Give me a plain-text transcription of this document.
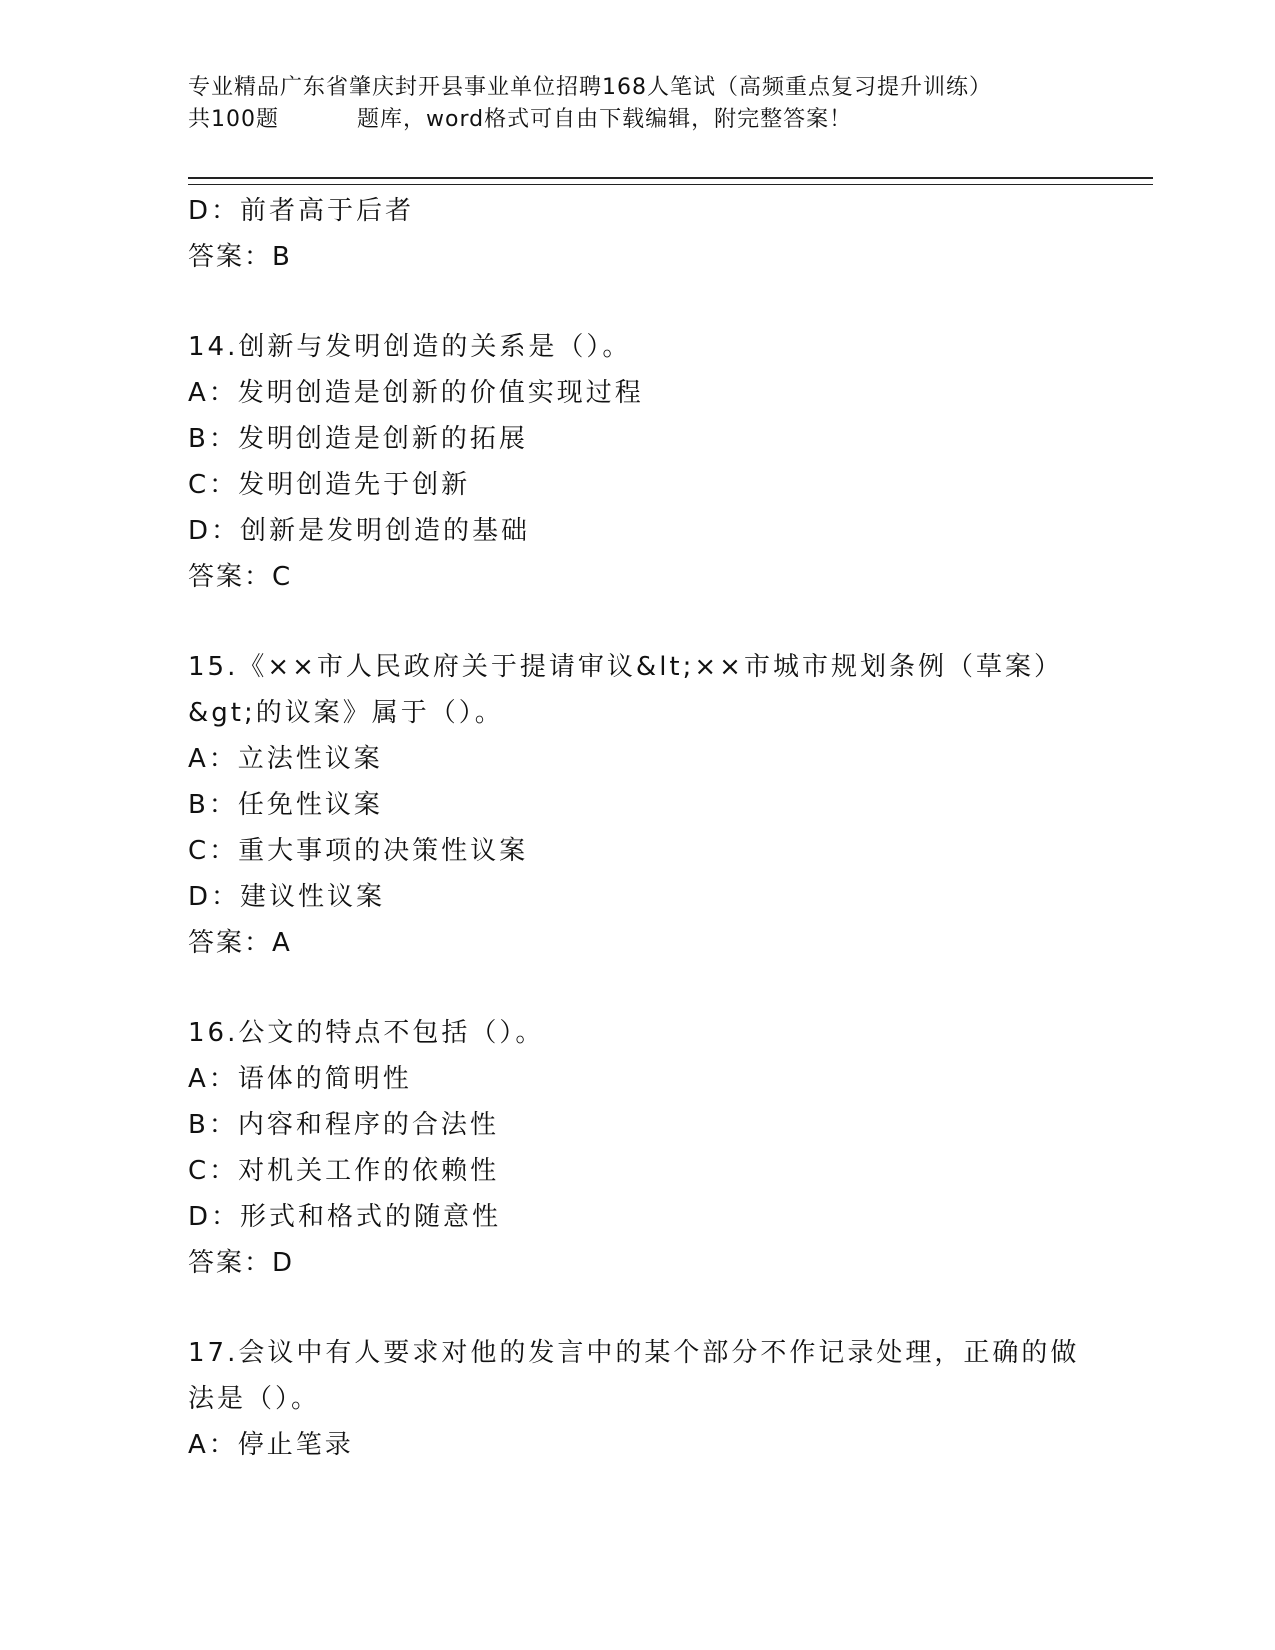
专业精品广东省肇庆封开县事业单位招聘168人笔试（高频重点复习提升训练）
共100题	题库，word格式可自由下载编辑，附完整答案！
D：前者高于后者
答案：B
14.创新与发明创造的关系是（）。
A：发明创造是创新的价值实现过程
B：发明创造是创新的拓展
C：发明创造先于创新
D：创新是发明创造的基础
答案：C
15.《××市人民政府关于提请审议&lt;××市城市规划条例（草案）
&gt;的议案》属于（）。
A：立法性议案
B：任免性议案
C：重大事项的决策性议案
D：建议性议案
答案：A
16.公文的特点不包括（）。
A：语体的简明性
B：内容和程序的合法性
C：对机关工作的依赖性
D：形式和格式的随意性
答案：D
17.会议中有人要求对他的发言中的某个部分不作记录处理，正确的做
法是（）。
A：停止笔录
